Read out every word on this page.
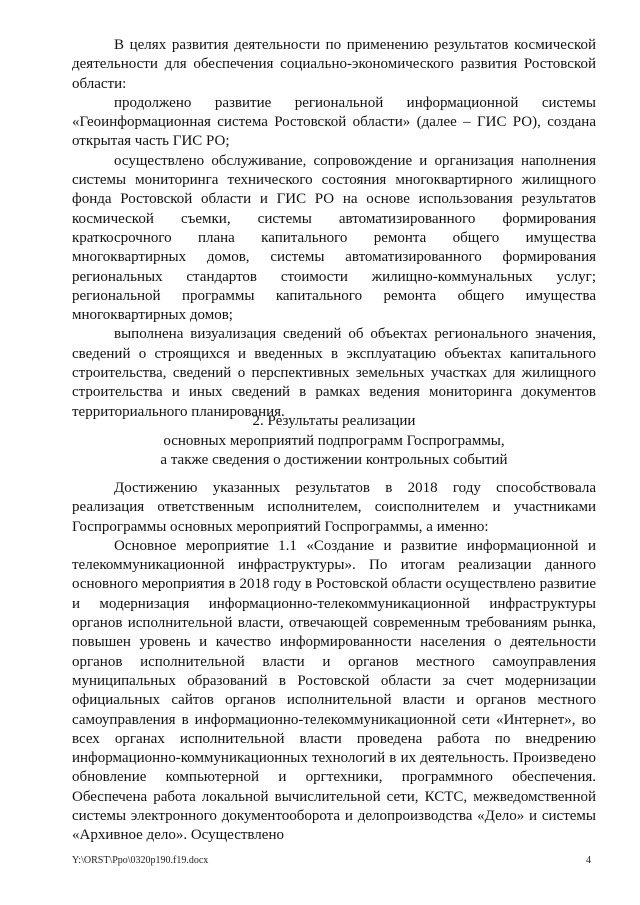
В целях развития деятельности по применению результатов космической деятельности для обеспечения социально-экономического развития Ростовской области:

продолжено развитие региональной информационной системы «Геоинформационная система Ростовской области» (далее – ГИС РО), создана открытая часть ГИС РО;

осуществлено обслуживание, сопровождение и организация наполнения системы мониторинга технического состояния многоквартирного жилищного фонда Ростовской области и ГИС РО на основе использования результатов космической съемки, системы автоматизированного формирования краткосрочного плана капитального ремонта общего имущества многоквартирных домов, системы автоматизированного формирования региональных стандартов стоимости жилищно-коммунальных услуг; региональной программы капитального ремонта общего имущества многоквартирных домов;

выполнена визуализация сведений об объектах регионального значения, сведений о строящихся и введенных в эксплуатацию объектах капитального строительства, сведений о перспективных земельных участках для жилищного строительства и иных сведений в рамках ведения мониторинга документов территориального планирования.

2. Результаты реализации
основных мероприятий подпрограмм Госпрограммы,
а также сведения о достижении контрольных событий

Достижению указанных результатов в 2018 году способствовала реализация ответственным исполнителем, соисполнителем и участниками Госпрограммы основных мероприятий Госпрограммы, а именно:

Основное мероприятие 1.1 «Создание и развитие информационной и телекоммуникационной инфраструктуры». По итогам реализации данного основного мероприятия в 2018 году в Ростовской области осуществлено развитие и модернизация информационно-телекоммуникационной инфраструктуры органов исполнительной власти, отвечающей современным требованиям рынка, повышен уровень и качество информированности населения о деятельности органов исполнительной власти и органов местного самоуправления муниципальных образований в Ростовской области за счет модернизации официальных сайтов органов исполнительной власти и органов местного самоуправления в информационно-телекоммуникационной сети «Интернет», во всех органах исполнительной власти проведена работа по внедрению информационно-коммуникационных технологий в их деятельность. Произведено обновление компьютерной и оргтехники, программного обеспечения. Обеспечена работа локальной вычислительной сети, КСТС, межведомственной системы электронного документооборота и делопроизводства «Дело» и системы «Архивное дело». Осуществлено

Y:\ORST\Ppo\0320p190.f19.docx	4
